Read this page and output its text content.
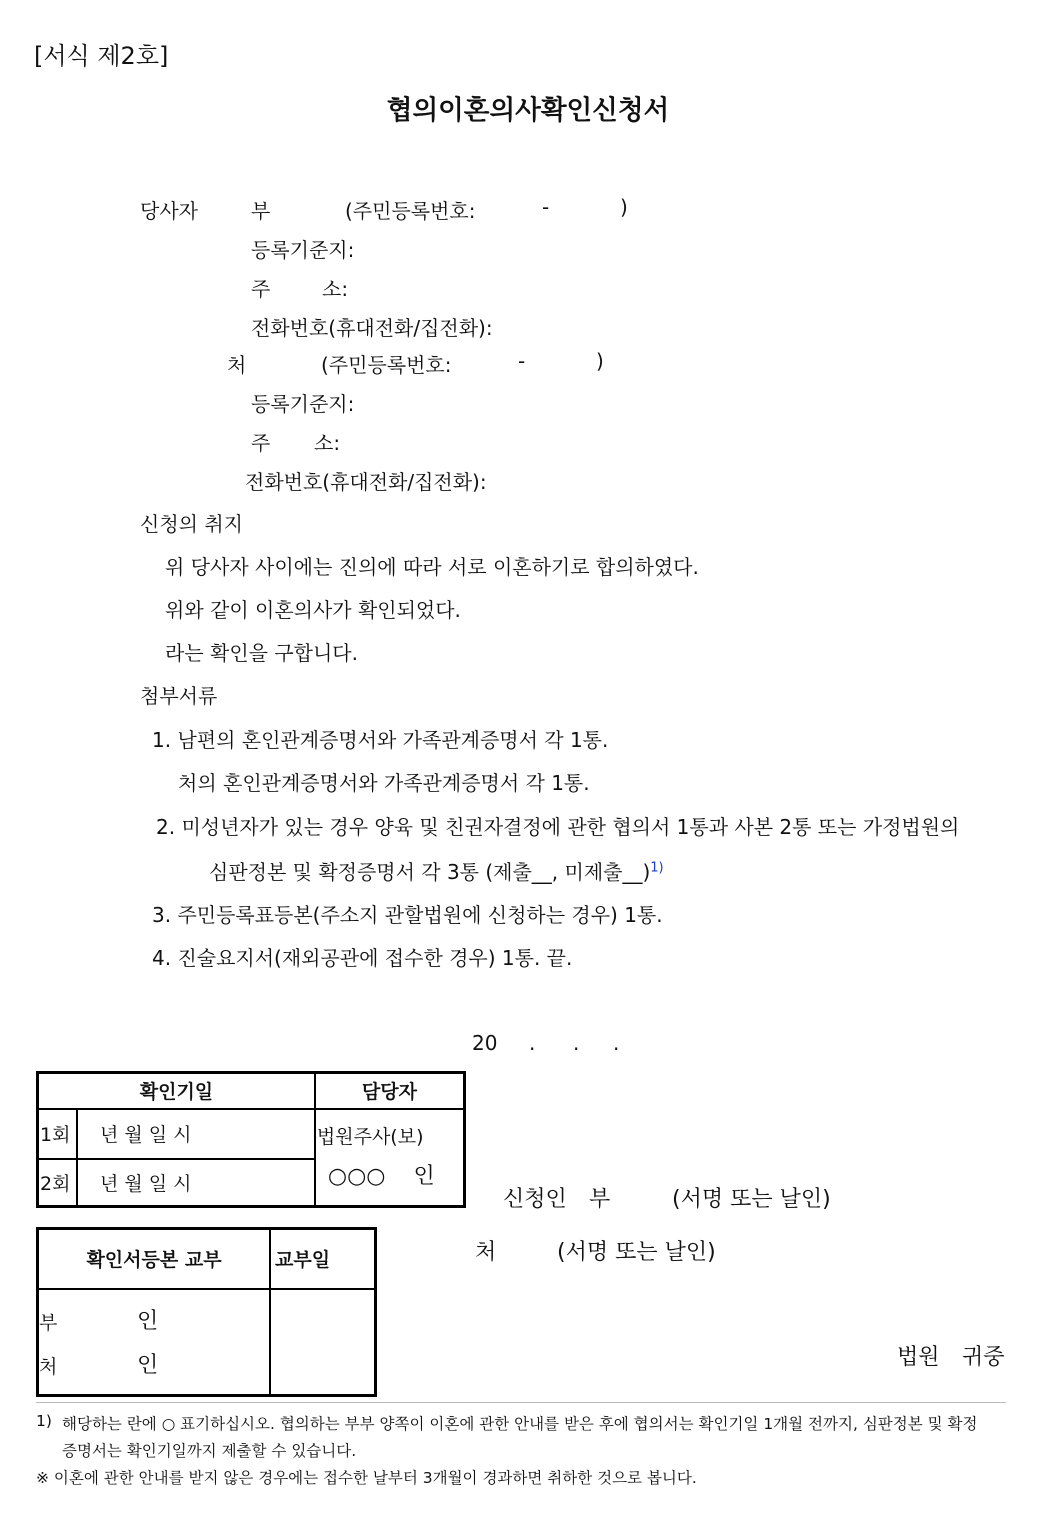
[서식 제2호]
협의이혼의사확인신청서
당사자	부	(주민등록번호:	-	)
등록기준지:
주	소:
전화번호(휴대전화/집전화):
처	(주민등록번호:	-	)
등록기준지:
주 소:
전화번호(휴대전화/집전화):
신청의 취지
위 당사자 사이에는 진의에 따라 서로 이혼하기로 합의하였다.
위와 같이 이혼의사가 확인되었다.
라는 확인을 구합니다.
첨부서류
1. 남편의 혼인관계증명서와 가족관계증명서 각 1통.
처의 혼인관계증명서와 가족관계증명서 각 1통.
2. 미성년자가 있는 경우 양육 및 친권자결정에 관한 협의서 1통과 사본 2통 또는 가정법원의
심판정본 및 확정증명서 각 3통 (제출__, 미제출__)$^{1)}$
3. 주민등록표등본(주소지 관할법원에 신청하는 경우) 1통.
4. 진술요지서(재외공관에 접수한 경우) 1통. 끝.
20 . . .
확인기일		담당자
1회	년 월 일 시	법원주사(보)
○○○ 인

2회	년 월 일 시	
확인서등본 교부	교부일

부 인
처 인	

신청인 부	(서명 또는 날인)
처	(서명 또는 날인)
법원 귀중
1) 해당하는 란에 ○ 표기하십시오. 협의하는 부부 양쪽이 이혼에 관한 안내를 받은 후에 협의서는 확인기일 1개월 전까지, 심판정본 및 확정
증명서는 확인기일까지 제출할 수 있습니다.
※ 이혼에 관한 안내를 받지 않은 경우에는 접수한 날부터 3개월이 경과하면 취하한 것으로 봅니다.
